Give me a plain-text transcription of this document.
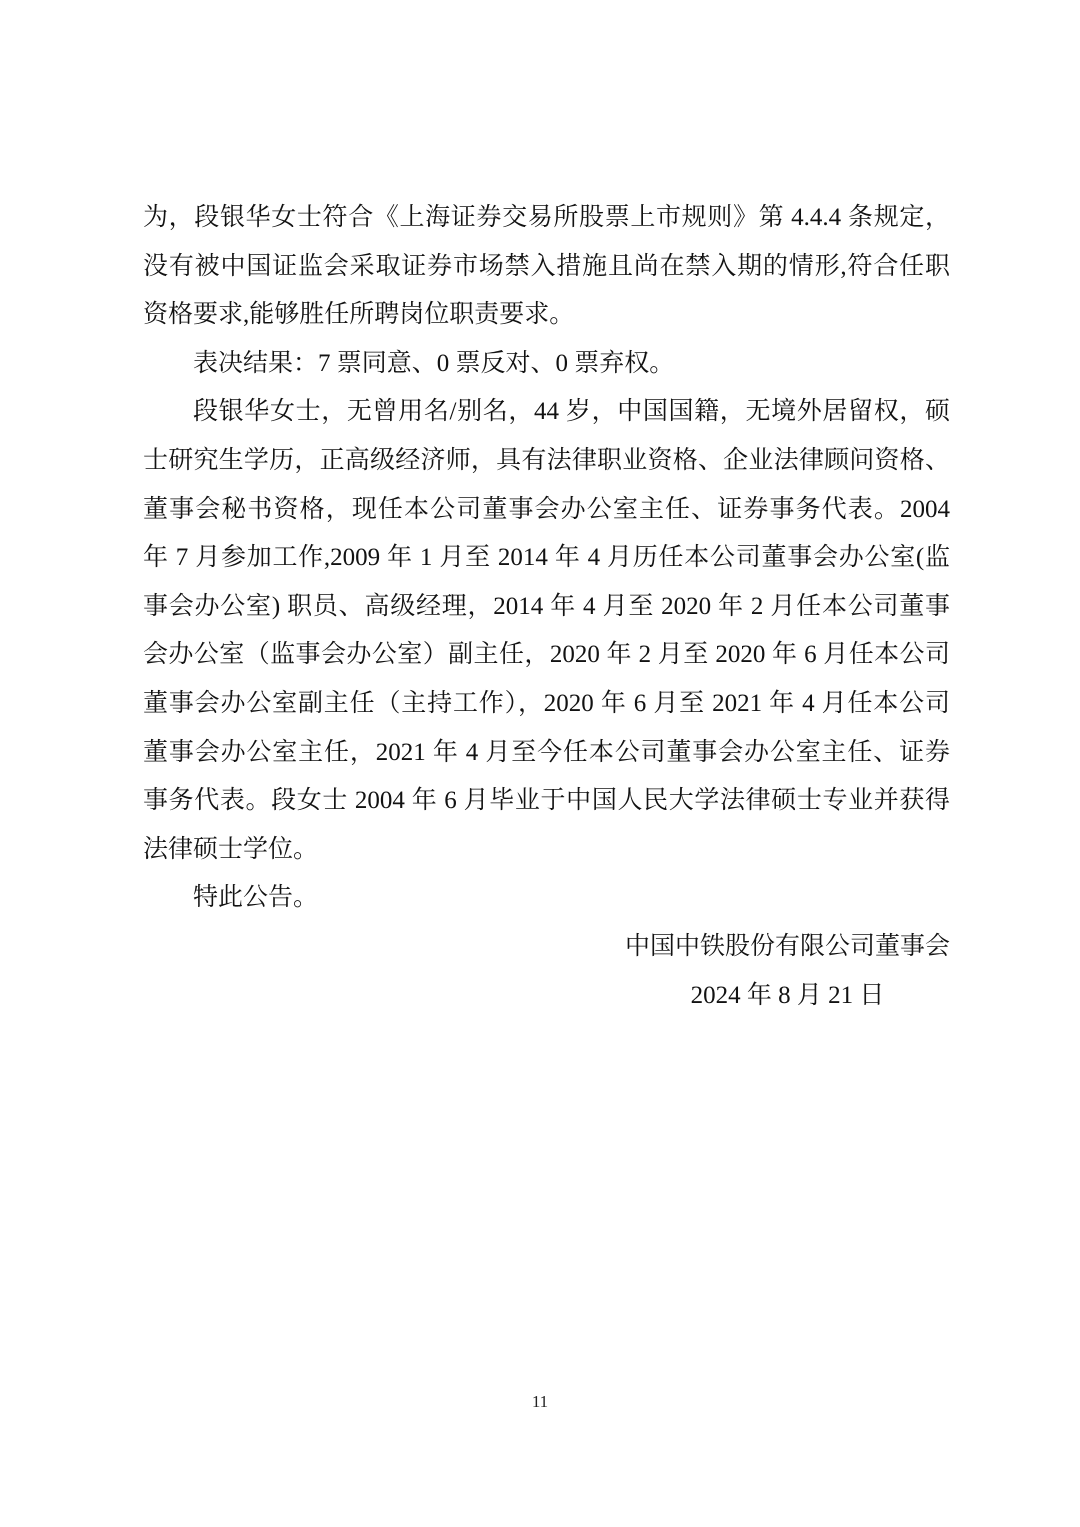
为，段银华女士符合《上海证券交易所股票上市规则》第 4.4.4 条规定，
没有被中国证监会采取证券市场禁入措施且尚在禁入期的情形,符合任职
资格要求,能够胜任所聘岗位职责要求。
表决结果：7 票同意、0 票反对、0 票弃权。
段银华女士，无曾用名/别名，44 岁，中国国籍，无境外居留权，硕
士研究生学历，正高级经济师，具有法律职业资格、企业法律顾问资格、
董事会秘书资格，现任本公司董事会办公室主任、证券事务代表。2004
年 7 月参加工作,2009 年 1 月至 2014 年 4 月历任本公司董事会办公室(监
事会办公室) 职员、高级经理，2014 年 4 月至 2020 年 2 月任本公司董事
会办公室（监事会办公室）副主任，2020 年 2 月至 2020 年 6 月任本公司
董事会办公室副主任（主持工作），2020 年 6 月至 2021 年 4 月任本公司
董事会办公室主任，2021 年 4 月至今任本公司董事会办公室主任、证券
事务代表。段女士 2004 年 6 月毕业于中国人民大学法律硕士专业并获得
法律硕士学位。
特此公告。
中国中铁股份有限公司董事会
2024 年 8 月 21 日
11
